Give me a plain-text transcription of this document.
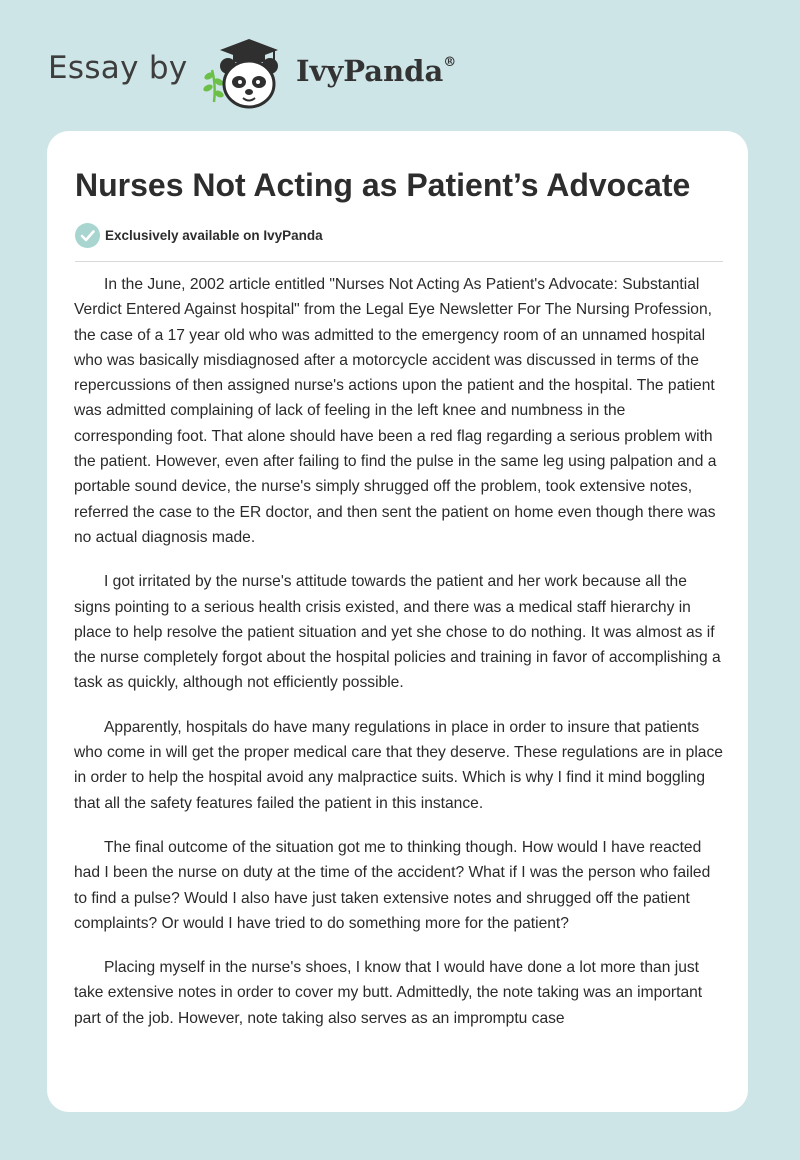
Essay by	IvyPanda®
Nurses Not Acting as Patient’s Advocate
Exclusively available on IvyPanda

In the June, 2002 article entitled "Nurses Not Acting As Patient's Advocate: Substantial Verdict Entered Against hospital" from the Legal Eye Newsletter For The Nursing Profession, the case of a 17 year old who was admitted to the emergency room of an unnamed hospital who was basically misdiagnosed after a motorcycle accident was discussed in terms of the repercussions of then assigned nurse's actions upon the patient and the hospital. The patient was admitted complaining of lack of feeling in the left knee and numbness in the corresponding foot. That alone should have been a red flag regarding a serious problem with the patient. However, even after failing to find the pulse in the same leg using palpation and a portable sound device, the nurse's simply shrugged off the problem, took extensive notes, referred the case to the ER doctor, and then sent the patient on home even though there was no actual diagnosis made.

I got irritated by the nurse's attitude towards the patient and her work because all the signs pointing to a serious health crisis existed, and there was a medical staff hierarchy in place to help resolve the patient situation and yet she chose to do nothing. It was almost as if the nurse completely forgot about the hospital policies and training in favor of accomplishing a task as quickly, although not efficiently possible.

Apparently, hospitals do have many regulations in place in order to insure that patients who come in will get the proper medical care that they deserve. These regulations are in place in order to help the hospital avoid any malpractice suits. Which is why I find it mind boggling that all the safety features failed the patient in this instance.

The final outcome of the situation got me to thinking though. How would I have reacted had I been the nurse on duty at the time of the accident? What if I was the person who failed to find a pulse? Would I also have just taken extensive notes and shrugged off the patient complaints? Or would I have tried to do something more for the patient?

Placing myself in the nurse's shoes, I know that I would have done a lot more than just take extensive notes in order to cover my butt. Admittedly, the note taking was an important part of the job. However, note taking also serves as an impromptu case
